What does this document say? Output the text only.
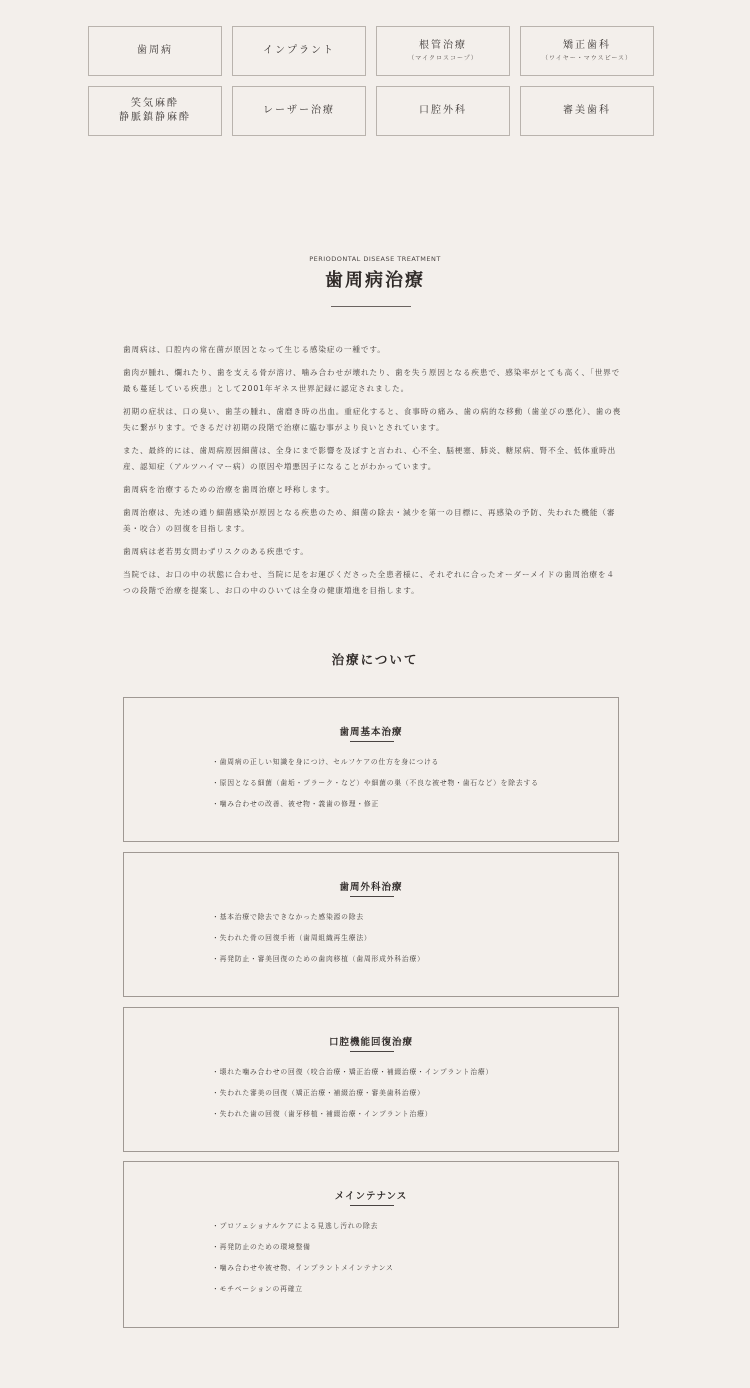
歯周病	インプラント	根管治療
（マイクロスコープ）
矯正歯科
（ワイヤー・マウスピース）
笑気麻酔
静脈鎮静麻酔
レーザー治療	口腔外科	審美歯科
PERIODONTAL DISEASE TREATMENT
歯周病治療

歯周病は、口腔内の常在菌が原因となって生じる感染症の一種です。

歯肉が腫れ、爛れたり、歯を支える骨が溶け、噛み合わせが壊れたり、歯を失う原因となる疾患で、感染率がとても高く、「世界で最も蔓延している疾患」として2001年ギネス世界記録に認定されました。

初期の症状は、口の臭い、歯茎の腫れ、歯磨き時の出血。重症化すると、食事時の痛み、歯の病的な移動（歯並びの悪化）、歯の喪失に繋がります。できるだけ初期の段階で治療に臨む事がより良いとされています。

また、最終的には、歯周病原因細菌は、全身にまで影響を及ぼすと言われ、心不全、脳梗塞、肺炎、糖尿病、腎不全、低体重時出産、認知症（アルツハイマー病）の原因や増悪因子になることがわかっています。

歯周病を治療するための治療を歯周治療と呼称します。

歯周治療は、先述の通り細菌感染が原因となる疾患のため、細菌の除去・減少を第一の目標に、再感染の予防、失われた機能（審美・咬合）の回復を目指します。

歯周病は老若男女問わずリスクのある疾患です。

当院では、お口の中の状態に合わせ、当院に足をお運びくださった全患者様に、それぞれに合ったオーダーメイドの歯周治療を４つの段階で治療を提案し、お口の中のひいては全身の健康増進を目指します。

治療について
歯周基本治療
・歯周病の正しい知識を身につけ、セルフケアの仕方を身につける
・原因となる細菌（歯垢・プラーク・など）や細菌の巣（不良な被せ物・歯石など）を除去する
・噛み合わせの改善、被せ物・義歯の修理・修正
歯周外科治療
・基本治療で除去できなかった感染源の除去
・失われた骨の回復手術（歯周組織再生療法）
・再発防止・審美回復のための歯肉移植（歯周形成外科治療）
口腔機能回復治療
・壊れた噛み合わせの回復（咬合治療・矯正治療・補綴治療・インプラント治療）
・失われた審美の回復（矯正治療・補綴治療・審美歯科治療）
・失われた歯の回復（歯牙移植・補綴治療・インプラント治療）
メインテナンス
・プロフェショナルケアによる見逃し汚れの除去
・再発防止のための環境整備
・噛み合わせや被せ物、インプラントメインテナンス
・モチベーションの再確立
